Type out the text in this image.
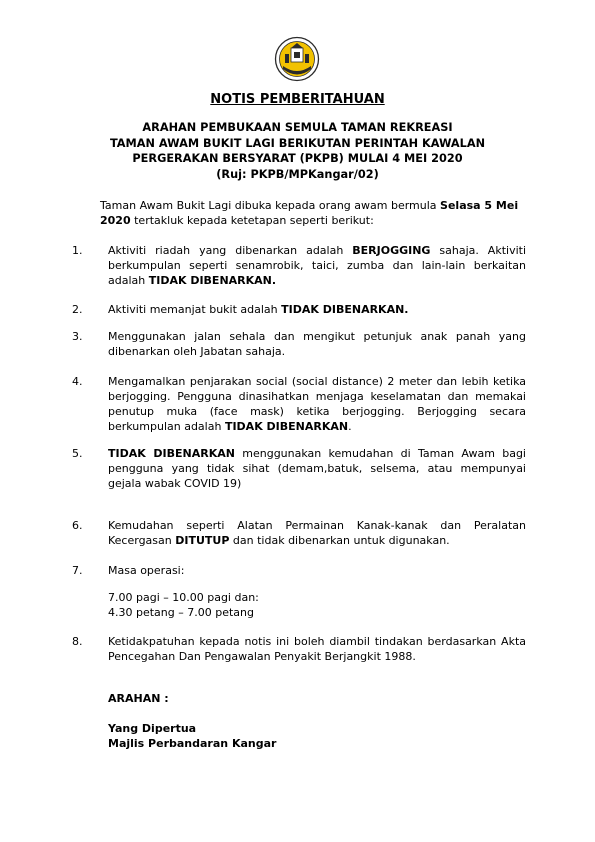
NOTIS PEMBERITAHUAN
ARAHAN PEMBUKAAN SEMULA TAMAN REKREASI
TAMAN AWAM BUKIT LAGI BERIKUTAN PERINTAH KAWALAN
PERGERAKAN BERSYARAT (PKPB) MULAI 4 MEI 2020
(Ruj: PKPB/MPKangar/02)
Taman Awam Bukit Lagi dibuka kepada orang awam bermula Selasa 5 Mei 2020 tertakluk kepada ketetapan seperti berikut:
1.	Aktiviti riadah yang dibenarkan adalah BERJOGGING sahaja. Aktiviti berkumpulan seperti senamrobik, taici, zumba dan lain-lain berkaitan adalah TIDAK DIBENARKAN.
2.	Aktiviti memanjat bukit adalah TIDAK DIBENARKAN.
3.	Menggunakan jalan sehala dan mengikut petunjuk anak panah yang dibenarkan oleh Jabatan sahaja.
4.	Mengamalkan penjarakan social (social distance) 2 meter dan lebih ketika berjogging. Pengguna dinasihatkan menjaga keselamatan dan memakai penutup muka (face mask) ketika berjogging. Berjogging secara berkumpulan adalah TIDAK DIBENARKAN.
5.	TIDAK DIBENARKAN menggunakan kemudahan di Taman Awam bagi pengguna yang tidak sihat (demam,batuk, selsema, atau mempunyai gejala wabak COVID 19)
6.	Kemudahan seperti Alatan Permainan Kanak-kanak dan Peralatan Kecergasan DITUTUP dan tidak dibenarkan untuk digunakan.
7.	Masa operasi:
7.00 pagi – 10.00 pagi dan:
4.30 petang – 7.00 petang
8.	Ketidakpatuhan kepada notis ini boleh diambil tindakan berdasarkan Akta Pencegahan Dan Pengawalan Penyakit Berjangkit 1988.
ARAHAN :
Yang Dipertua
Majlis Perbandaran Kangar
